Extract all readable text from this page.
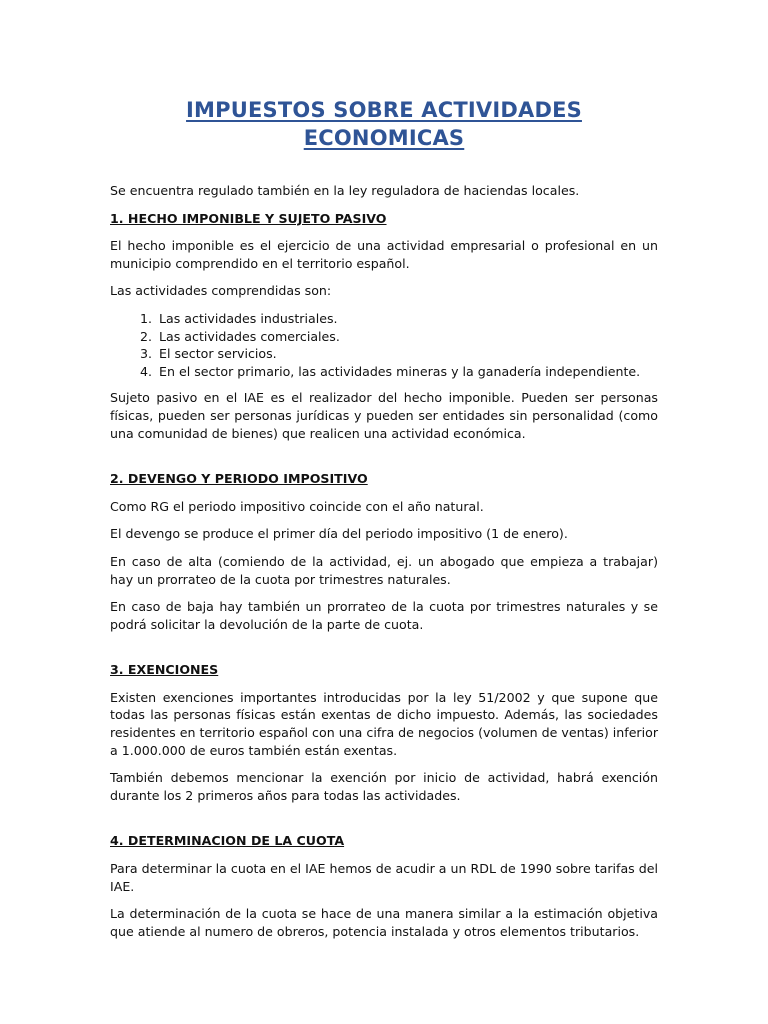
IMPUESTOS SOBRE ACTIVIDADES ECONOMICAS

Se encuentra regulado también en la ley reguladora de haciendas locales.

1. HECHO IMPONIBLE Y SUJETO PASIVO

El hecho imponible es el ejercicio de una actividad empresarial o profesional en un municipio comprendido en el territorio español.

Las actividades comprendidas son:

1. Las actividades industriales.
2. Las actividades comerciales.
3. El sector servicios.
4. En el sector primario, las actividades mineras y la ganadería independiente.

Sujeto pasivo en el IAE es el realizador del hecho imponible. Pueden ser personas físicas, pueden ser personas jurídicas y pueden ser entidades sin personalidad (como una comunidad de bienes) que realicen una actividad económica.

2. DEVENGO Y PERIODO IMPOSITIVO

Como RG el periodo impositivo coincide con el año natural.

El devengo se produce el primer día del periodo impositivo (1 de enero).

En caso de alta (comiendo de la actividad, ej. un abogado que empieza a trabajar) hay un prorrateo de la cuota por trimestres naturales.

En caso de baja hay también un prorrateo de la cuota por trimestres naturales y se podrá solicitar la devolución de la parte de cuota.

3. EXENCIONES

Existen exenciones importantes introducidas por la ley 51/2002 y que supone que todas las personas físicas están exentas de dicho impuesto. Además, las sociedades residentes en territorio español con una cifra de negocios (volumen de ventas) inferior a 1.000.000 de euros también están exentas.

También debemos mencionar la exención por inicio de actividad, habrá exención durante los 2 primeros años para todas las actividades.

4. DETERMINACION DE LA CUOTA

Para determinar la cuota en el IAE hemos de acudir a un RDL de 1990 sobre tarifas del IAE.

La determinación de la cuota se hace de una manera similar a la estimación objetiva que atiende al numero de obreros, potencia instalada y otros elementos tributarios.
